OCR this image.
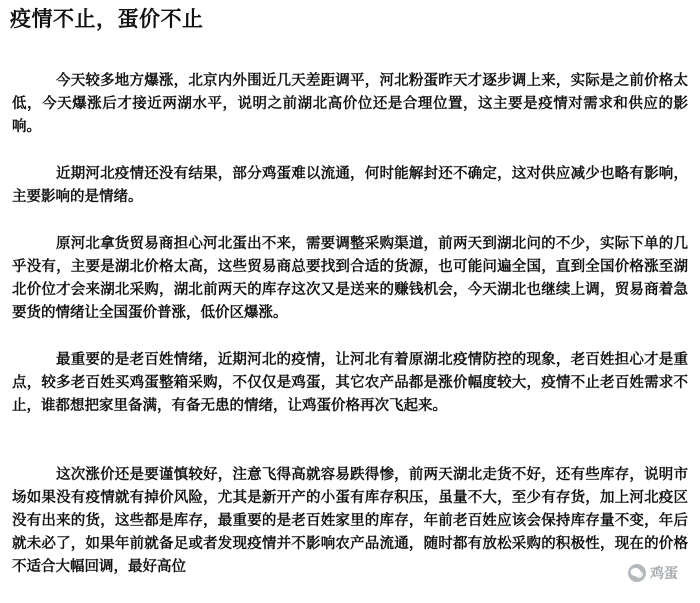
疫情不止，蛋价不止

今天较多地方爆涨，北京内外围近几天差距调平，河北粉蛋昨天才逐步调上来，实际是之前价格太低，今天爆涨后才接近两湖水平，说明之前湖北高价位还是合理位置，这主要是疫情对需求和供应的影响。

近期河北疫情还没有结果，部分鸡蛋难以流通，何时能解封还不确定，这对供应减少也略有影响，主要影响的是情绪。

原河北拿货贸易商担心河北蛋出不来，需要调整采购渠道，前两天到湖北问的不少，实际下单的几乎没有，主要是湖北价格太高，这些贸易商总要找到合适的货源，也可能问遍全国，直到全国价格涨至湖北价位才会来湖北采购，湖北前两天的库存这次又是送来的赚钱机会，今天湖北也继续上调，贸易商着急要货的情绪让全国蛋价普涨，低价区爆涨。

最重要的是老百姓情绪，近期河北的疫情，让河北有着原湖北疫情防控的现象，老百姓担心才是重点，较多老百姓买鸡蛋整箱采购，不仅仅是鸡蛋，其它农产品都是涨价幅度较大，疫情不止老百姓需求不止，谁都想把家里备满，有备无患的情绪，让鸡蛋价格再次飞起来。

这次涨价还是要谨慎较好，注意飞得高就容易跌得惨，前两天湖北走货不好，还有些库存，说明市场如果没有疫情就有掉价风险，尤其是新开产的小蛋有库存积压，虽量不大，至少有存货，加上河北疫区没有出来的货，这些都是库存，最重要的是老百姓家里的库存，年前老百姓应该会保持库存量不变，年后就未必了，如果年前就备足或者发现疫情并不影响农产品流通，随时都有放松采购的积极性，现在的价格不适合大幅回调，最好高位	鸡蛋
